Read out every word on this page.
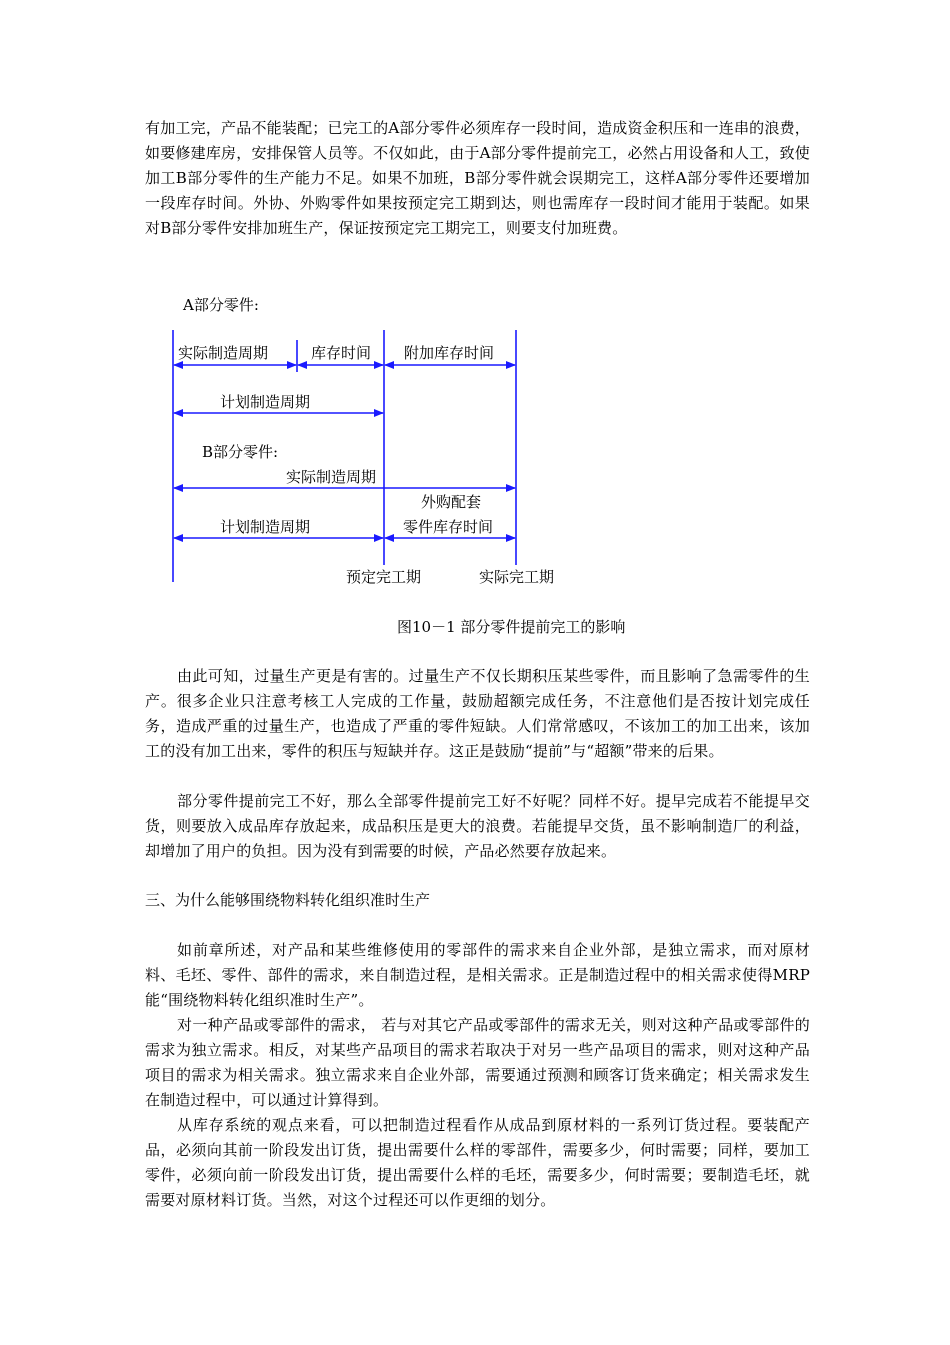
有加工完，产品不能装配；已完工的A部分零件必须库存一段时间，造成资金积压和一连串的浪费，如要修建库房，安排保管人员等。不仅如此，由于A部分零件提前完工，必然占用设备和人工，致使加工B部分零件的生产能力不足。如果不加班，B部分零件就会误期完工，这样A部分零件还要增加一段库存时间。外协、外购零件如果按预定完工期到达，则也需库存一段时间才能用于装配。如果对B部分零件安排加班生产，保证按预定完工期完工，则要支付加班费。

A部分零件:
实际制造周期	库存时间 附加库存时间
计划制造周期
B部分零件:
实际制造周期
外购配套
零件库存时间
计划制造周期
预定完工期	实际完工期
图10－1 部分零件提前完工的影响

由此可知，过量生产更是有害的。过量生产不仅长期积压某些零件，而且影响了急需零件的生产。很多企业只注意考核工人完成的工作量，鼓励超额完成任务，不注意他们是否按计划完成任务，造成严重的过量生产，也造成了严重的零件短缺。人们常常感叹，不该加工的加工出来，该加工的没有加工出来，零件的积压与短缺并存。这正是鼓励“提前”与“超额”带来的后果。

部分零件提前完工不好，那么全部零件提前完工好不好呢？同样不好。提早完成若不能提早交货，则要放入成品库存放起来，成品积压是更大的浪费。若能提早交货，虽不影响制造厂的利益，却增加了用户的负担。因为没有到需要的时候，产品必然要存放起来。

三、为什么能够围绕物料转化组织准时生产

如前章所述，对产品和某些维修使用的零部件的需求来自企业外部，是独立需求，而对原材料、毛坯、零件、部件的需求，来自制造过程，是相关需求。正是制造过程中的相关需求使得MRP 能“围绕物料转化组织准时生产”。

对一种产品或零部件的需求， 若与对其它产品或零部件的需求无关，则对这种产品或零部件的需求为独立需求。相反，对某些产品项目的需求若取决于对另一些产品项目的需求，则对这种产品项目的需求为相关需求。独立需求来自企业外部，需要通过预测和顾客订货来确定；相关需求发生在制造过程中，可以通过计算得到。

从库存系统的观点来看，可以把制造过程看作从成品到原材料的一系列订货过程。要装配产品，必须向其前一阶段发出订货，提出需要什么样的零部件，需要多少，何时需要；同样，要加工零件，必须向前一阶段发出订货，提出需要什么样的毛坯，需要多少，何时需要；要制造毛坯，就需要对原材料订货。当然，对这个过程还可以作更细的划分。
